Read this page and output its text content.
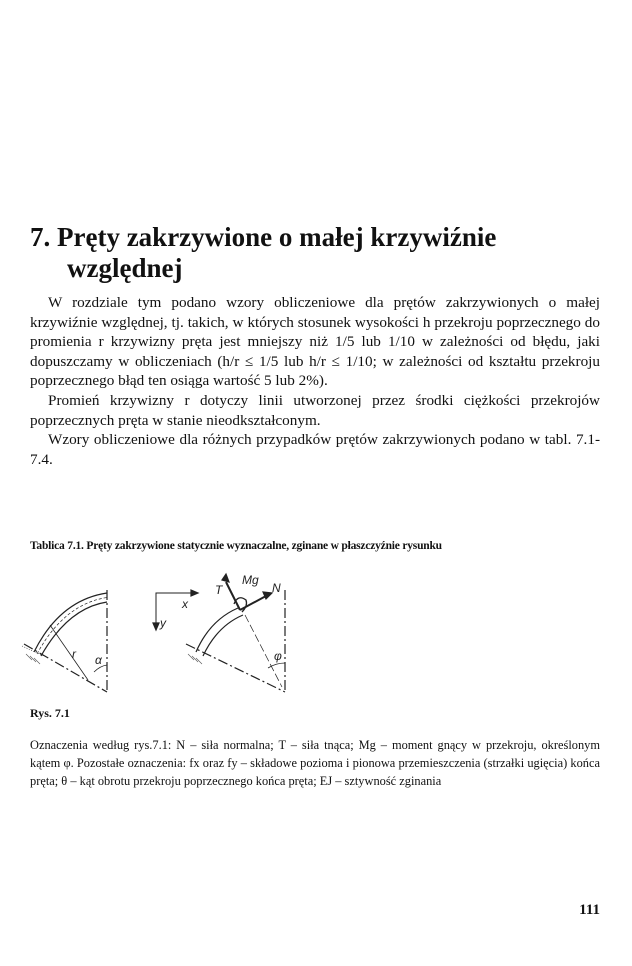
7. Pręty zakrzywione o małej krzywiźnie
względnej

W rozdziale tym podano wzory obliczeniowe dla prętów zakrzywionych o małej krzywiźnie względnej, tj. takich, w których stosunek wysokości h przekroju poprzecznego do promienia r krzywizny pręta jest mniejszy niż 1/5 lub 1/10 w zależności od błędu, jaki dopuszczamy w obliczeniach (h/r ≤ 1/5 lub h/r ≤ 1/10; w zależności od kształtu przekroju poprzecznego błąd ten osiąga wartość 5 lub 2%).

Promień krzywizny r dotyczy linii utworzonej przez środki ciężkości przekrojów poprzecznych pręta w stanie nieodkształconym.

Wzory obliczeniowe dla różnych przypadków prętów zakrzywionych podano w tabl. 7.1-7.4.

Tablica 7.1. Pręty zakrzywione statycznie wyznaczalne, zginane w płaszczyźnie rysunku
x
y
T
Mg
N
r α	φ
Rys. 7.1

Oznaczenia według rys.7.1: N – siła normalna; T – siła tnąca; Mg – moment gnący w przekroju, określonym kątem φ. Pozostałe oznaczenia: fx oraz fy – składowe pozioma i pionowa przemieszczenia (strzałki ugięcia) końca pręta; θ – kąt obrotu przekroju poprzecznego końca pręta; EJ – sztywność zginania

111
